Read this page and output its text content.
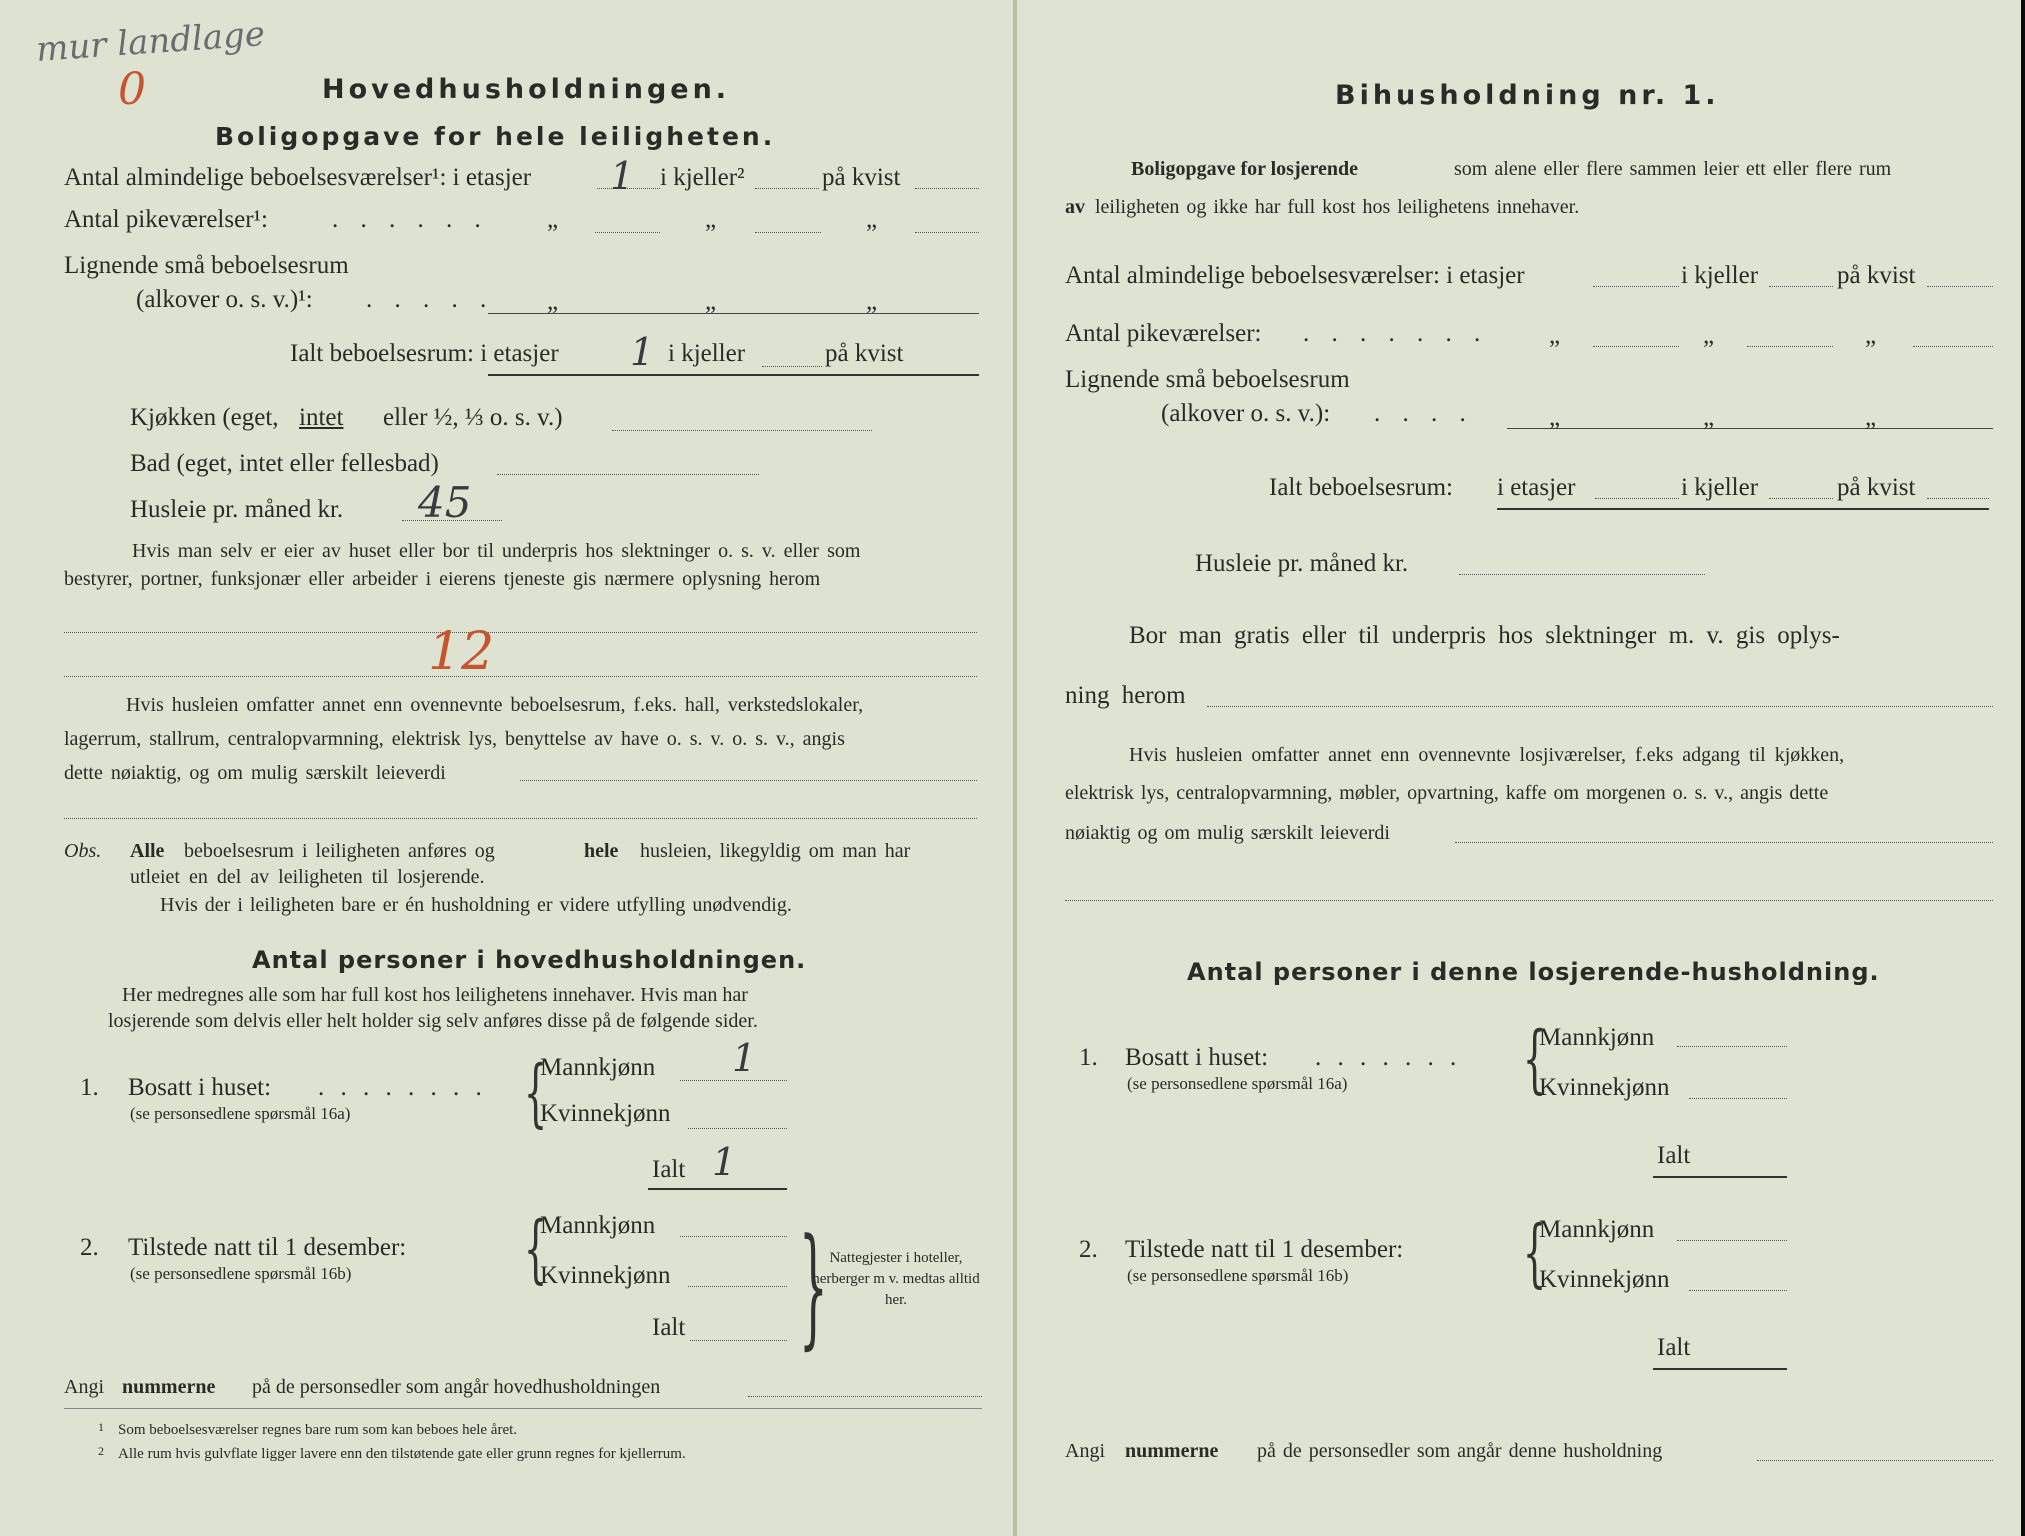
mur landlage
0	Hovedhusholdningen.
Boligopgave for hele leiligheten.
Antal almindelige beboelsesværelser¹: i etasjer 1 i kjeller²	på kvist
Antal pikeværelser¹:	. . . . . . „	„	„
Lignende små beboelsesrum
(alkover o. s. v.)¹: . . . . . „	„	„
Ialt beboelsesrum: i etasjer 1 i kjeller	på kvist
Kjøkken (eget, intet eller ½, ⅓ o. s. v.)
Bad (eget, intet eller fellesbad)
Husleie pr. måned kr. 45
Hvis man selv er eier av huset eller bor til underpris hos slektninger o. s. v. eller som
bestyrer, portner, funksjonær eller arbeider i eierens tjeneste gis nærmere oplysning herom
12
Hvis husleien omfatter annet enn ovennevnte beboelsesrum, f.eks. hall, verkstedslokaler,
lagerrum, stallrum, centralopvarmning, elektrisk lys, benyttelse av have o. s. v. o. s. v., angis
dette nøiaktig, og om mulig særskilt leieverdi
Obs. Alle beboelsesrum i leiligheten anføres og	hele husleien, likegyldig om man har
utleiet en del av leiligheten til losjerende.
Hvis der i leiligheten bare er én husholdning er videre utfylling unødvendig.
Antal personer i hovedhusholdningen.
Her medregnes alle som har full kost hos leilighetens innehaver. Hvis man har
losjerende som delvis eller helt holder sig selv anføres disse på de følgende sider.
1. Bosatt i huset: . . . . . . . .
(se personsedlene spørsmål 16a) {
Mannkjønn 1
Kvinnekjønn
Ialt 1
2. Tilstede natt til 1 desember:
(se personsedlene spørsmål 16b) {
Mannkjønn
Kvinnekjønn
Ialt } Nattegjester i hoteller, herberger m v. medtas alltid her.
Angi nummerne på de personsedler som angår hovedhusholdningen
1 Som beboelsesværelser regnes bare rum som kan beboes hele året.
2 Alle rum hvis gulvflate ligger lavere enn den tilstøtende gate eller grunn regnes for kjellerrum.
Bihusholdning nr. 1.
Boligopgave for losjerende	som alene eller flere sammen leier ett eller flere rum
av leiligheten og ikke har full kost hos leilighetens innehaver.
Antal almindelige beboelsesværelser: i etasjer	i kjeller	på kvist
Antal pikeværelser: . . . . . . . „	„	„
Lignende små beboelsesrum
(alkover o. s. v.): . . . .	„	„	„
Ialt beboelsesrum: i etasjer	i kjeller	på kvist
Husleie pr. måned kr.
Bor man gratis eller til underpris hos slektninger m. v. gis oplys-
ning herom
Hvis husleien omfatter annet enn ovennevnte losjiværelser, f.eks adgang til kjøkken,
elektrisk lys, centralopvarmning, møbler, opvartning, kaffe om morgenen o. s. v., angis dette
nøiaktig og om mulig særskilt leieverdi
Antal personer i denne losjerende-husholdning.
1. Bosatt i huset: . . . . . . .
(se personsedlene spørsmål 16a) {
Mannkjønn
Kvinnekjønn
Ialt
2. Tilstede natt til 1 desember:
(se personsedlene spørsmål 16b) {
Mannkjønn
Kvinnekjønn
Ialt
Angi nummerne på de personsedler som angår denne husholdning
